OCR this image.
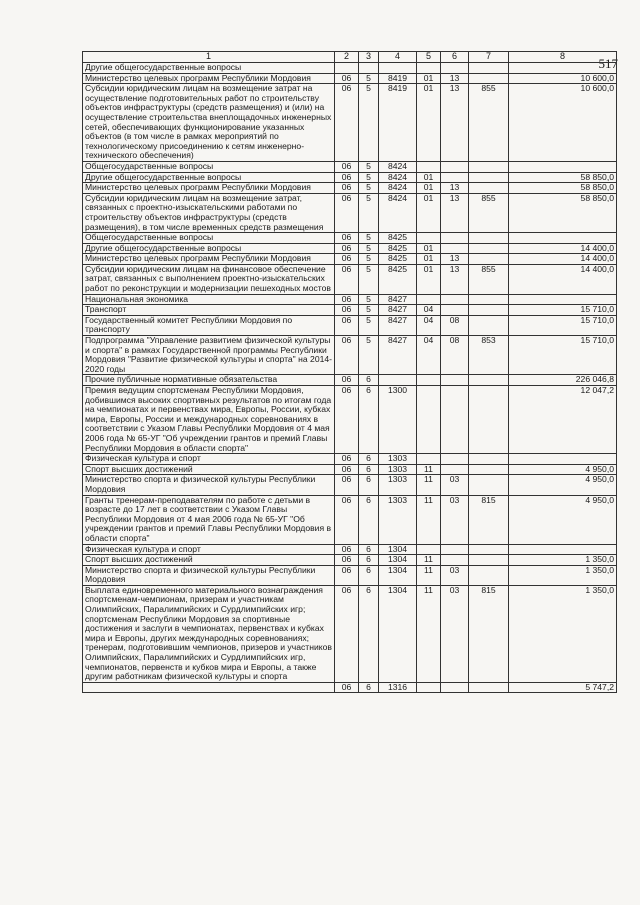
517
1	2	3	4	5	6	7	8
Другие общегосударственные вопросы							
Министерство целевых программ Республики Мордовия	06	5	8419	01	13		10 600,0
Субсидии юридическим лицам на возмещение затрат на осуществление подготовительных работ по строительству объектов инфраструктуры (средств размещения) и (или) на осуществление строительства внеплощадочных инженерных сетей, обеспечивающих функционирование указанных объектов (в том числе в рамках мероприятий по технологическому присоединению к сетям инженерно-технического обеспечения)	06	5	8419	01	13	855	10 600,0
Общегосударственные вопросы	06	5	8424				
Другие общегосударственные вопросы	06	5	8424	01			58 850,0
Министерство целевых программ Республики Мордовия	06	5	8424	01	13		58 850,0
Субсидии юридическим лицам на возмещение затрат, связанных с проектно-изыскательскими работами по строительству объектов инфраструктуры (средств размещения), в том числе временных средств размещения	06	5	8424	01	13	855	58 850,0
Общегосударственные вопросы	06	5	8425				
Другие общегосударственные вопросы	06	5	8425	01			14 400,0
Министерство целевых программ Республики Мордовия	06	5	8425	01	13		14 400,0
Субсидии юридическим лицам на финансовое обеспечение затрат, связанных с выполнением проектно-изыскательских работ по реконструкции и модернизации пешеходных мостов	06	5	8425	01	13	855	14 400,0
Национальная экономика	06	5	8427				
Транспорт	06	5	8427	04			15 710,0
Государственный комитет Республики Мордовия по транспорту	06	5	8427	04	08		15 710,0
Подпрограмма "Управление развитием физической культуры и спорта" в рамках Государственной программы Республики Мордовия "Развитие физической культуры и спорта" на 2014-2020 годы	06	5	8427	04	08	853	15 710,0
Прочие публичные нормативные обязательства	06	6					226 046,8
Премия ведущим спортсменам Республики Мордовия, добившимся высоких спортивных результатов по итогам года на чемпионатах и первенствах мира, Европы, России, кубках мира, Европы, России и международных соревнованиях в соответствии с Указом Главы Республики Мордовия от 4 мая 2006 года № 65-УГ "Об учреждении грантов и премий Главы Республики Мордовия в области спорта"	06	6	1300				12 047,2
Физическая культура и спорт	06	6	1303				
Спорт высших достижений	06	6	1303	11			4 950,0
Министерство спорта и физической культуры Республики Мордовия	06	6	1303	11	03		4 950,0
Гранты тренерам-преподавателям по работе с детьми в возрасте до 17 лет в соответствии с Указом Главы Республики Мордовия от 4 мая 2006 года № 65-УГ "Об учреждении грантов и премий Главы Республики Мордовия в области спорта"	06	6	1303	11	03	815	4 950,0
Физическая культура и спорт	06	6	1304				
Спорт высших достижений	06	6	1304	11			1 350,0
Министерство спорта и физической культуры Республики Мордовия	06	6	1304	11	03		1 350,0
Выплата единовременного материального вознаграждения спортсменам-чемпионам, призерам и участникам Олимпийских, Паралимпийских и Сурдлимпийских игр; спортсменам Республики Мордовия за спортивные достижения и заслуги в чемпионатах, первенствах и кубках мира и Европы, других международных соревнованиях; тренерам, подготовившим чемпионов, призеров и участников Олимпийских, Паралимпийских и Сурдлимпийских игр, чемпионатов, первенств и кубков мира и Европы, а также другим работникам физической культуры и спорта	06	6	1304	11	03	815	1 350,0
	06	6	1316				5 747,2
